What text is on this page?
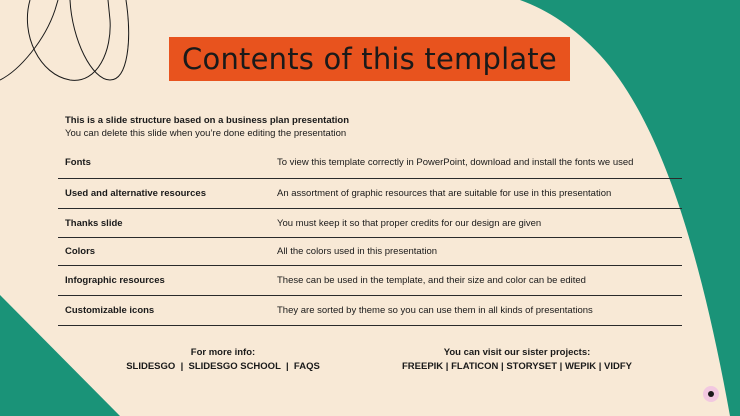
Contents of this template
This is a slide structure based on a business plan presentation
You can delete this slide when you’re done editing the presentation
Fonts	To view this template correctly in PowerPoint, download and install the fonts we used
Used and alternative resources	An assortment of graphic resources that are suitable for use in this presentation
Thanks slide	You must keep it so that proper credits for our design are given
Colors	All the colors used in this presentation
Infographic resources	These can be used in the template, and their size and color can be edited
Customizable icons	They are sorted by theme so you can use them in all kinds of presentations
For more info:
SLIDESGO  |  SLIDESGO SCHOOL  |  FAQS
You can visit our sister projects:
FREEPIK | FLATICON | STORYSET | WEPIK | VIDFY
